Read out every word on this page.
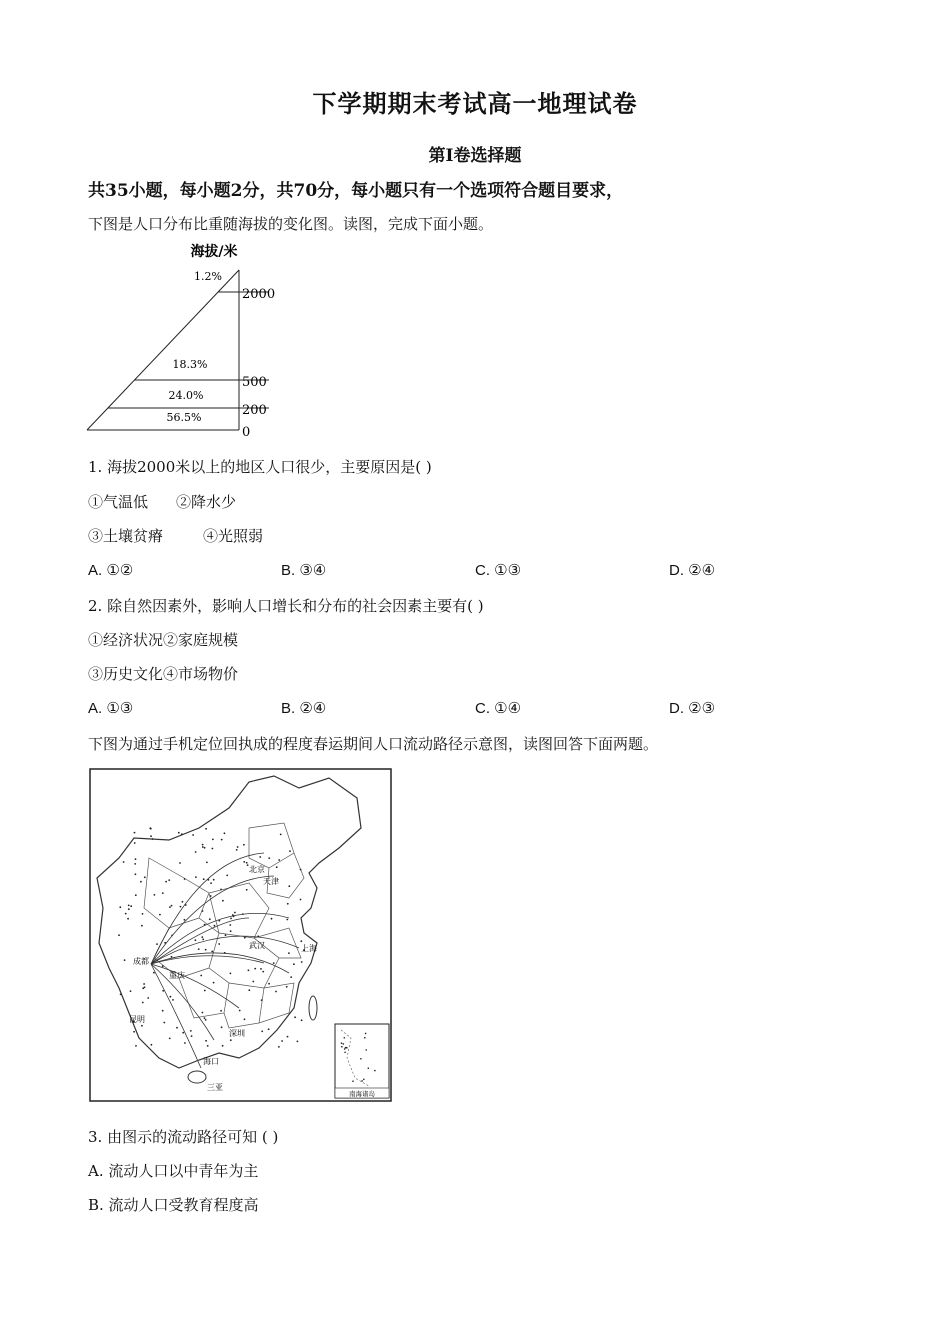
下学期期末考试高一地理试卷
第Ⅰ卷选择题
共35小题，每小题2分，共70分，每小题只有一个选项符合题目要求，
下图是人口分布比重随海拔的变化图。读图，完成下面小题。
海拔/米
0
200
500
2000
56.5%
24.0%
18.3%
1.2%
1. 海拔2000米以上的地区人口很少，主要原因是( )
①气温低 ②降水少
③土壤贫瘠	④光照弱
A. ①②	B. ③④	C. ①③	D. ②④
2. 除自然因素外，影响人口增长和分布的社会因素主要有( )
①经济状况②家庭规模
③历史文化④市场物价
A. ①③	B. ②④	C. ①④	D. ②③
下图为通过手机定位回执成的程度春运期间人口流动路径示意图，读图回答下面两题。
北京
天津
上海
武汉
成都
重庆
昆明
深圳
海口
三亚
南海诸岛
3. 由图示的流动路径可知 ( )
A. 流动人口以中青年为主
B. 流动人口受教育程度高
